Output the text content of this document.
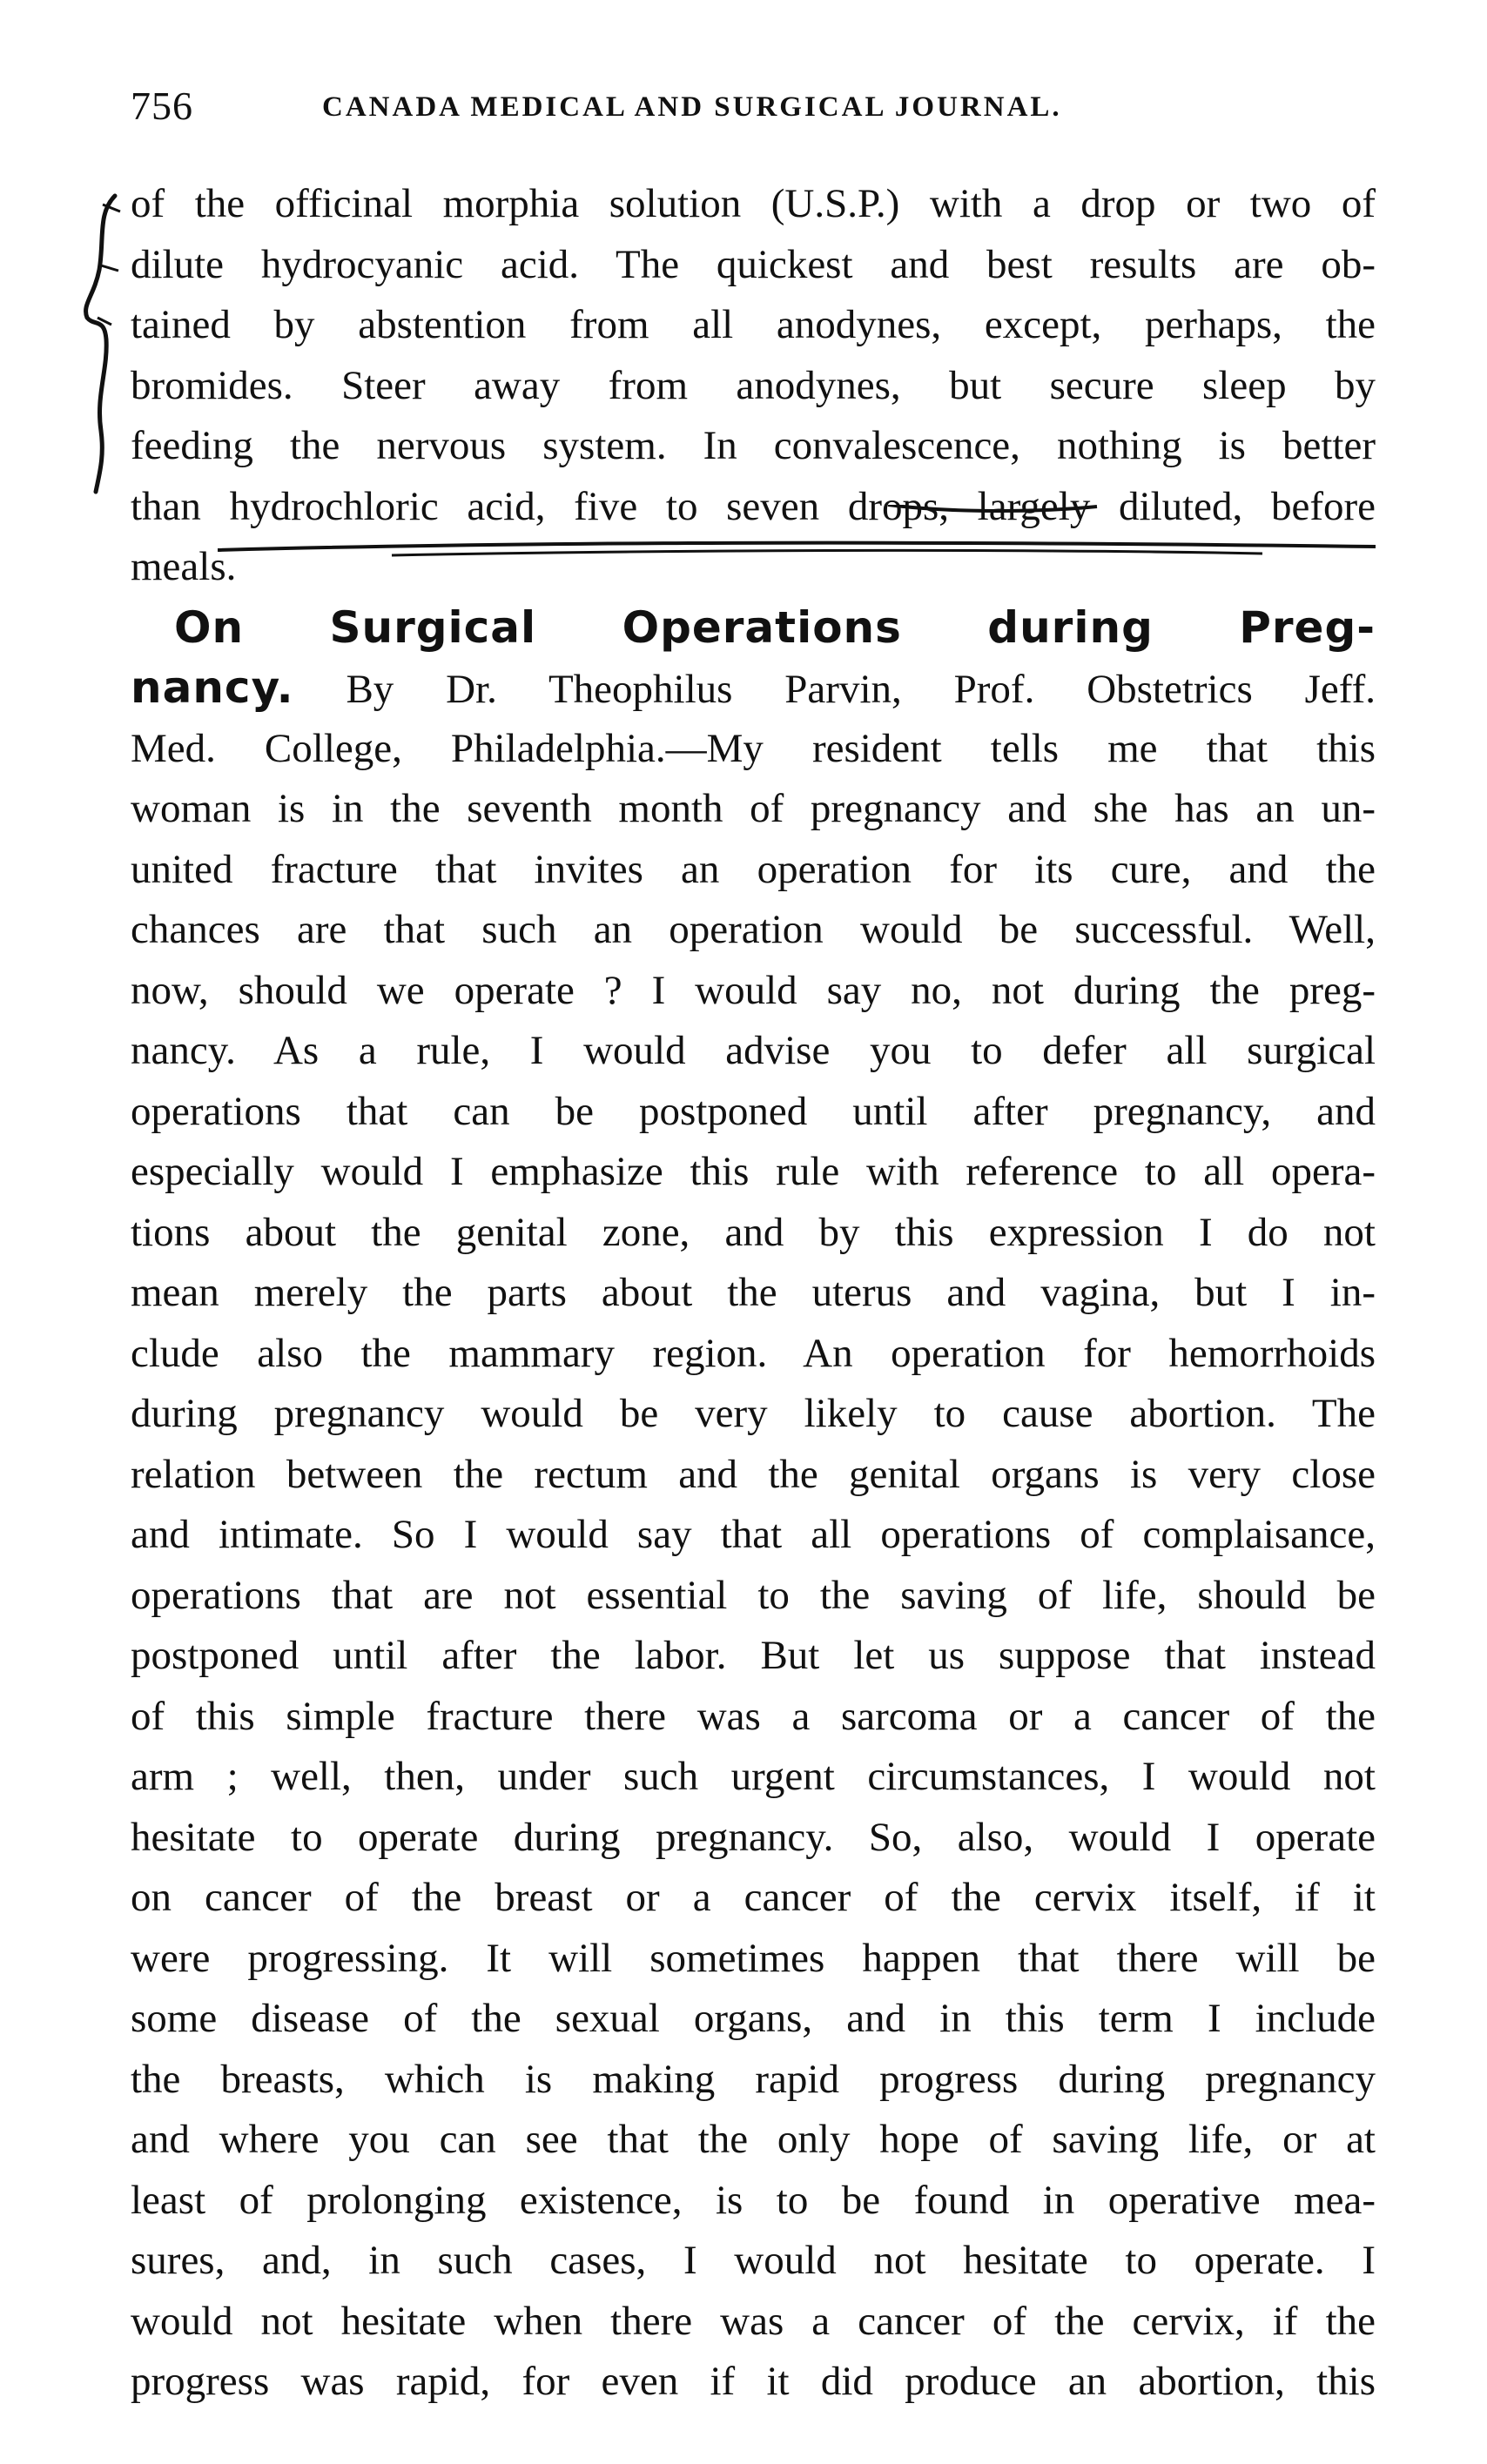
756	CANADA MEDICAL AND SURGICAL JOURNAL.
of the officinal morphia solution (U.S.P.) with a drop or two of
dilute hydrocyanic acid. The quickest and best results are ob-
tained by abstention from all anodynes, except, perhaps, the
bromides. Steer away from anodynes, but secure sleep by
feeding the nervous system. In convalescence, nothing is better
than hydrochloric acid, five to seven drops, largely diluted, before
meals.
On Surgical Operations during Preg-
nancy. By Dr. Theophilus Parvin, Prof. Obstetrics Jeff.
Med. College, Philadelphia.—My resident tells me that this
woman is in the seventh month of pregnancy and she has an un-
united fracture that invites an operation for its cure, and the
chances are that such an operation would be successful. Well,
now, should we operate ? I would say no, not during the preg-
nancy. As a rule, I would advise you to defer all surgical
operations that can be postponed until after pregnancy, and
especially would I emphasize this rule with reference to all opera-
tions about the genital zone, and by this expression I do not
mean merely the parts about the uterus and vagina, but I in-
clude also the mammary region. An operation for hemorrhoids
during pregnancy would be very likely to cause abortion. The
relation between the rectum and the genital organs is very close
and intimate. So I would say that all operations of complaisance,
operations that are not essential to the saving of life, should be
postponed until after the labor. But let us suppose that instead
of this simple fracture there was a sarcoma or a cancer of the
arm ; well, then, under such urgent circumstances, I would not
hesitate to operate during pregnancy. So, also, would I operate
on cancer of the breast or a cancer of the cervix itself, if it
were progressing. It will sometimes happen that there will be
some disease of the sexual organs, and in this term I include
the breasts, which is making rapid progress during pregnancy
and where you can see that the only hope of saving life, or at
least of prolonging existence, is to be found in operative mea-
sures, and, in such cases, I would not hesitate to operate. I
would not hesitate when there was a cancer of the cervix, if the
progress was rapid, for even if it did produce an abortion, this
